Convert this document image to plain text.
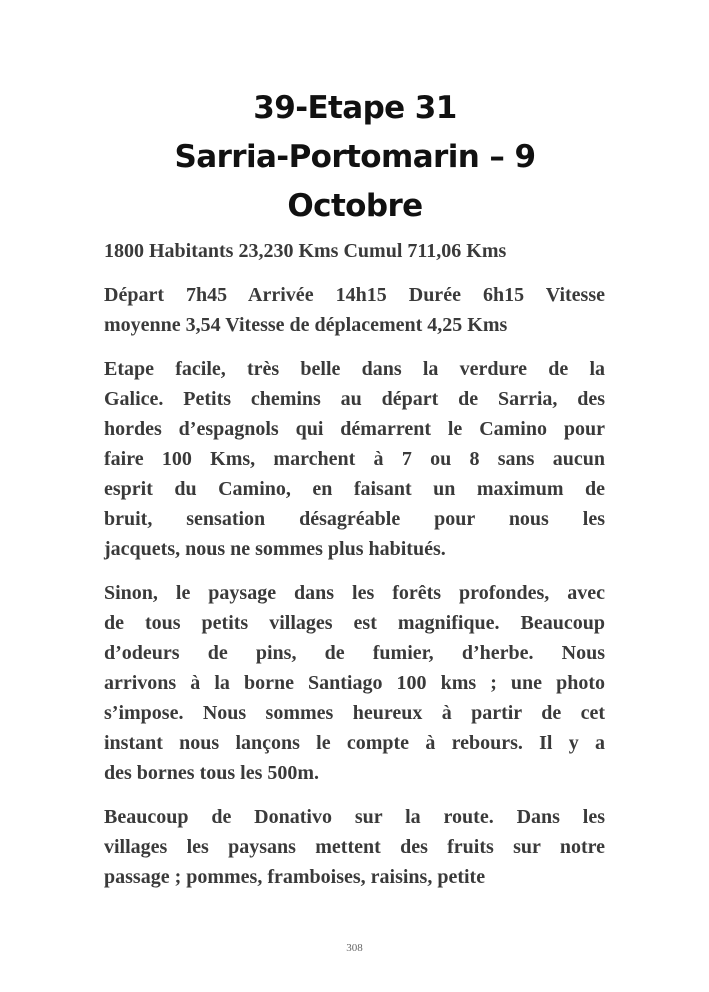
39-Etape 31
Sarria-Portomarin – 9
Octobre

1800 Habitants 23,230 Kms Cumul 711,06 Kms

Départ 7h45 Arrivée 14h15 Durée 6h15 Vitesse
moyenne 3,54 Vitesse de déplacement 4,25 Kms

Etape facile, très belle dans la verdure de la
Galice. Petits chemins au départ de Sarria, des
hordes d’espagnols qui démarrent le Camino pour
faire 100 Kms, marchent à 7 ou 8 sans aucun
esprit du Camino, en faisant un maximum de
bruit, sensation désagréable pour nous les
jacquets, nous ne sommes plus habitués.

Sinon, le paysage dans les forêts profondes, avec
de tous petits villages est magnifique. Beaucoup
d’odeurs de pins, de fumier, d’herbe. Nous
arrivons à la borne Santiago 100 kms ; une photo
s’impose. Nous sommes heureux à partir de cet
instant nous lançons le compte à rebours. Il y a
des bornes tous les 500m.

Beaucoup de Donativo sur la route. Dans les
villages les paysans mettent des fruits sur notre
passage ; pommes, framboises, raisins, petite

308
